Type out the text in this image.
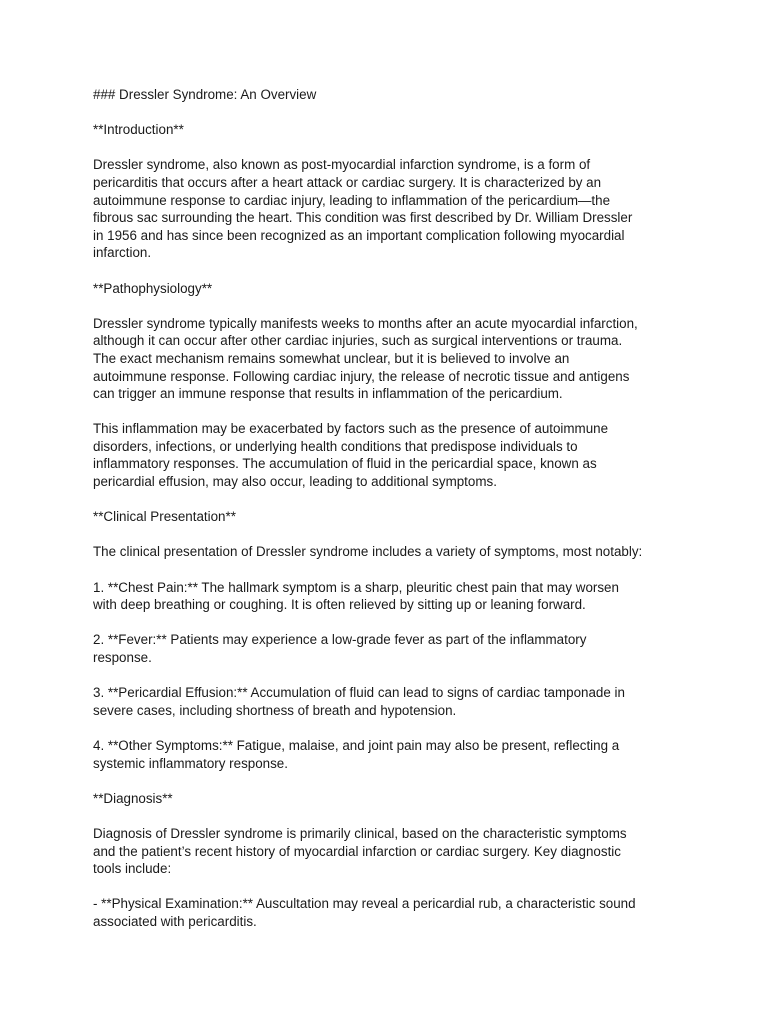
### Dressler Syndrome: An Overview

**Introduction**

Dressler syndrome, also known as post-myocardial infarction syndrome, is a form of
pericarditis that occurs after a heart attack or cardiac surgery. It is characterized by an
autoimmune response to cardiac injury, leading to inflammation of the pericardium—the
fibrous sac surrounding the heart. This condition was first described by Dr. William Dressler
in 1956 and has since been recognized as an important complication following myocardial
infarction.

**Pathophysiology**

Dressler syndrome typically manifests weeks to months after an acute myocardial infarction,
although it can occur after other cardiac injuries, such as surgical interventions or trauma.
The exact mechanism remains somewhat unclear, but it is believed to involve an
autoimmune response. Following cardiac injury, the release of necrotic tissue and antigens
can trigger an immune response that results in inflammation of the pericardium.

This inflammation may be exacerbated by factors such as the presence of autoimmune
disorders, infections, or underlying health conditions that predispose individuals to
inflammatory responses. The accumulation of fluid in the pericardial space, known as
pericardial effusion, may also occur, leading to additional symptoms.

**Clinical Presentation**

The clinical presentation of Dressler syndrome includes a variety of symptoms, most notably:

1. **Chest Pain:** The hallmark symptom is a sharp, pleuritic chest pain that may worsen
with deep breathing or coughing. It is often relieved by sitting up or leaning forward.

2. **Fever:** Patients may experience a low-grade fever as part of the inflammatory
response.

3. **Pericardial Effusion:** Accumulation of fluid can lead to signs of cardiac tamponade in
severe cases, including shortness of breath and hypotension.

4. **Other Symptoms:** Fatigue, malaise, and joint pain may also be present, reflecting a
systemic inflammatory response.

**Diagnosis**

Diagnosis of Dressler syndrome is primarily clinical, based on the characteristic symptoms
and the patient’s recent history of myocardial infarction or cardiac surgery. Key diagnostic
tools include:

- **Physical Examination:** Auscultation may reveal a pericardial rub, a characteristic sound
associated with pericarditis.
